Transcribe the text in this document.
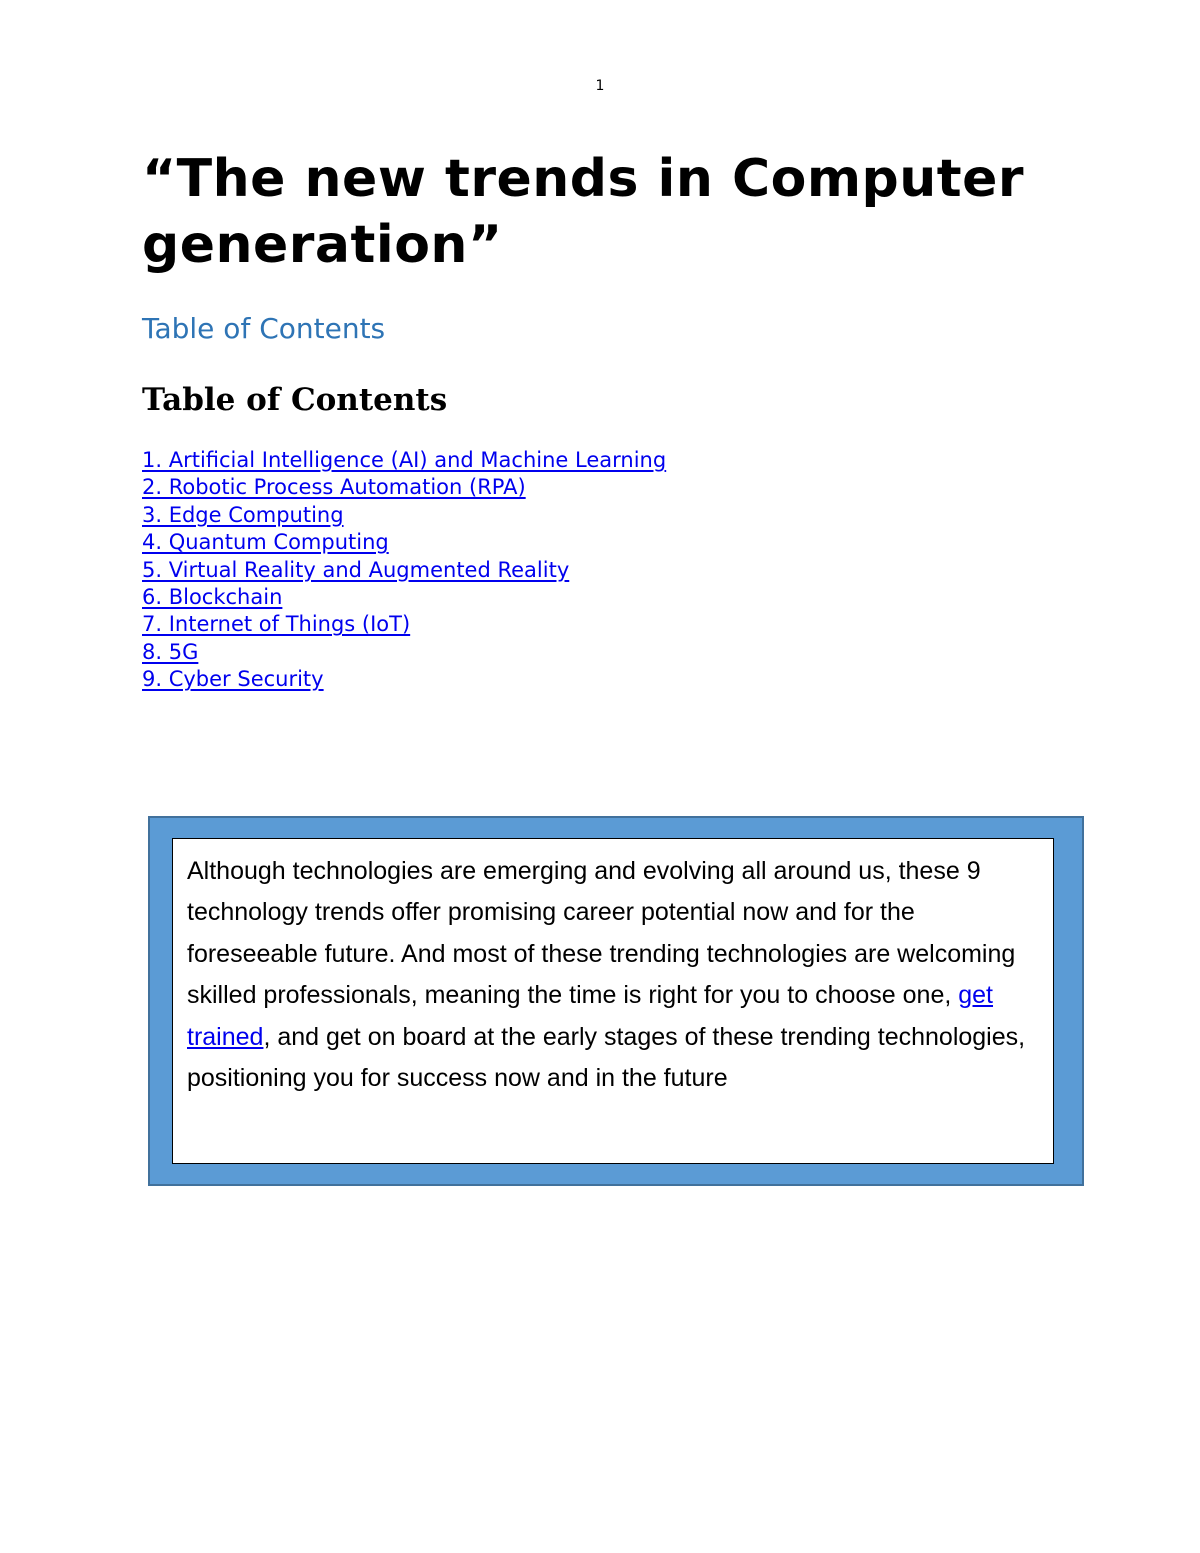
1
“The new trends in Computer generation”
Table of Contents
Table of Contents
1. Artificial Intelligence (AI) and Machine Learning
2. Robotic Process Automation (RPA)
3. Edge Computing
4. Quantum Computing
5. Virtual Reality and Augmented Reality
6. Blockchain
7. Internet of Things (IoT)
8. 5G
9. Cyber Security

Although technologies are emerging and evolving all around us, these 9 technology trends offer promising career potential now and for the foreseeable future. And most of these trending technologies are welcoming skilled professionals, meaning the time is right for you to choose one, get trained, and get on board at the early stages of these trending technologies, positioning you for success now and in the future
